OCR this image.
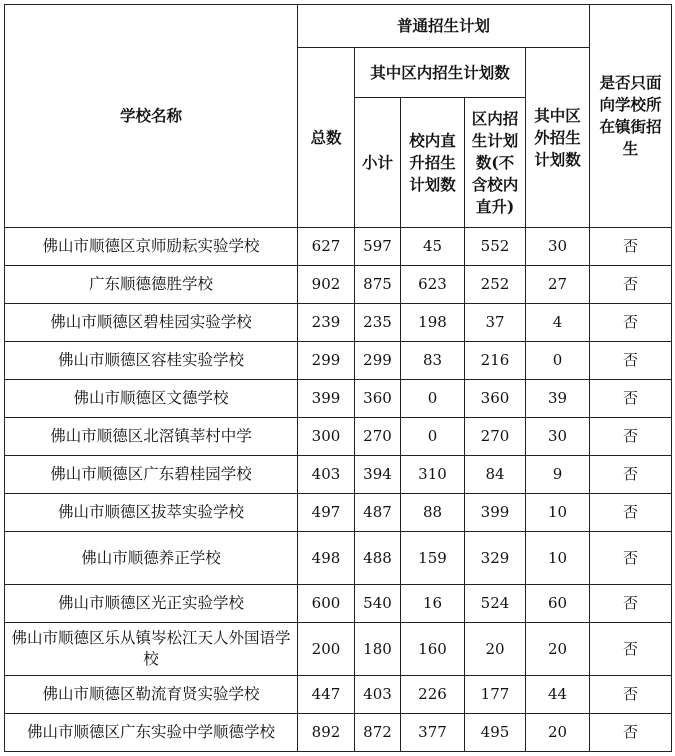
学校名称	普通招生计划					是否只面向学校所在镇街招生
	总数	其中区内招生计划数			其中区外招生计划数	
		小计	校内直升招生计划数	区内招生计划数(不含校内直升)		

佛山市顺德区京师励耘实验学校	627	597	45	552	30	否
广东顺德德胜学校	902	875	623	252	27	否
佛山市顺德区碧桂园实验学校	239	235	198	37	4	否
佛山市顺德区容桂实验学校	299	299	83	216	0	否
佛山市顺德区文德学校	399	360	0	360	39	否
佛山市顺德区北滘镇莘村中学	300	270	0	270	30	否
佛山市顺德区广东碧桂园学校	403	394	310	84	9	否
佛山市顺德区拔萃实验学校	497	487	88	399	10	否
佛山市顺德养正学校	498	488	159	329	10	否
佛山市顺德区光正实验学校	600	540	16	524	60	否
佛山市顺德区乐从镇岑松江天人外国语学校	200	180	160	20	20	否
佛山市顺德区勒流育贤实验学校	447	403	226	177	44	否
佛山市顺德区广东实验中学顺德学校	892	872	377	495	20	否
